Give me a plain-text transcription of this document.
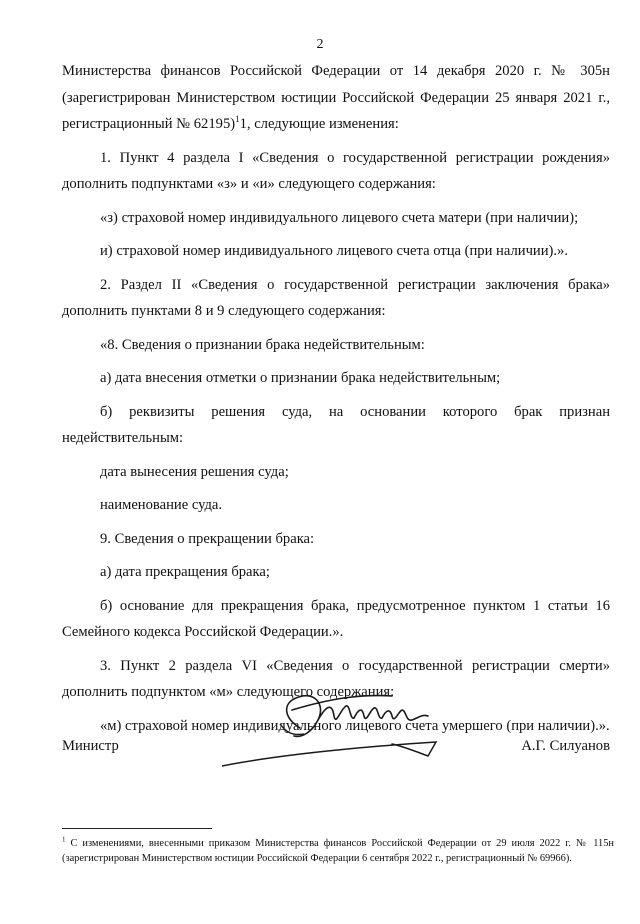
2

Министерства финансов Российской Федерации от 14 декабря 2020 г. № 305н (зарегистрирован Министерством юстиции Российской Федерации 25 января 2021 г., регистрационный № 62195)$^1$1, следующие изменения:

1. Пункт 4 раздела I «Сведения о государственной регистрации рождения» дополнить подпунктами «з» и «и» следующего содержания:

«з) страховой номер индивидуального лицевого счета матери (при наличии);

и) страховой номер индивидуального лицевого счета отца (при наличии).».

2. Раздел II «Сведения о государственной регистрации заключения брака» дополнить пунктами 8 и 9 следующего содержания:

«8. Сведения о признании брака недействительным:

а) дата внесения отметки о признании брака недействительным;

б) реквизиты решения суда, на основании которого брак признан недействительным:

дата вынесения решения суда;

наименование суда.

9. Сведения о прекращении брака:

а) дата прекращения брака;

б) основание для прекращения брака, предусмотренное пунктом 1 статьи 16 Семейного кодекса Российской Федерации.».

3. Пункт 2 раздела VI «Сведения о государственной регистрации смерти» дополнить подпунктом «м» следующего содержания:

«м) страховой номер индивидуального лицевого счета умершего (при наличии).».

Министр	А.Г. Силуанов
$^1$ С изменениями, внесенными приказом Министерства финансов Российской Федерации от 29 июля 2022 г. № 115н (зарегистрирован Министерством юстиции Российской Федерации 6 сентября 2022 г., регистрационный № 69966).
